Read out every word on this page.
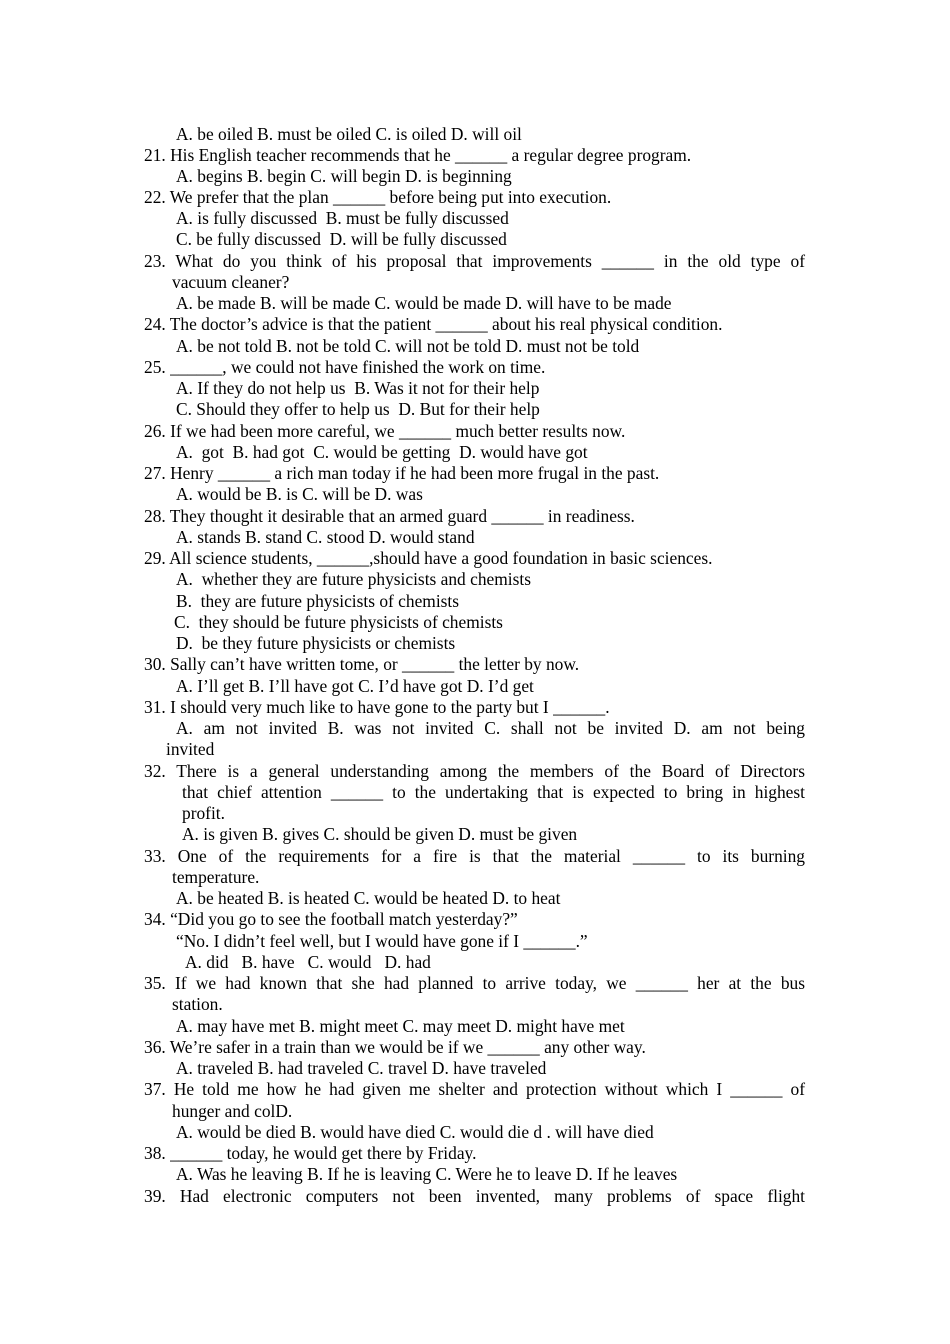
A. be oiled B. must be oiled C. is oiled D. will oil
21. His English teacher recommends that he ______ a regular degree program.
A. begins B. begin C. will begin D. is beginning
22. We prefer that the plan ______ before being put into execution.
A. is fully discussed  B. must be fully discussed
C. be fully discussed  D. will be fully discussed
23. What do you think of his proposal that improvements ______ in the old type of
vacuum cleaner?
A. be made B. will be made C. would be made D. will have to be made
24. The doctor’s advice is that the patient ______ about his real physical condition.
A. be not told B. not be told C. will not be told D. must not be told
25. ______, we could not have finished the work on time.
A. If they do not help us  B. Was it not for their help
C. Should they offer to help us  D. But for their help
26. If we had been more careful, we ______ much better results now.
A.  got  B. had got  C. would be getting  D. would have got
27. Henry ______ a rich man today if he had been more frugal in the past.
A. would be B. is C. will be D. was
28. They thought it desirable that an armed guard ______ in readiness.
A. stands B. stand C. stood D. would stand
29. All science students, ______,should have a good foundation in basic sciences.
A.  whether they are future physicists and chemists
B.  they are future physicists of chemists
C.  they should be future physicists of chemists
D.  be they future physicists or chemists
30. Sally can’t have written tome, or ______ the letter by now.
A. I’ll get B. I’ll have got C. I’d have got D. I’d get
31. I should very much like to have gone to the party but I ______.
A. am not invited B. was not invited C. shall not be invited D. am not being
invited
32. There is a general understanding among the members of the Board of Directors
that chief attention ______ to the undertaking that is expected to bring in highest
profit.
A. is given B. gives C. should be given D. must be given
33. One of the requirements for a fire is that the material ______ to its burning
temperature.
A. be heated B. is heated C. would be heated D. to heat
34. “Did you go to see the football match yesterday?”
“No. I didn’t feel well, but I would have gone if I ______.”
A. did   B. have   C. would   D. had
35. If we had known that she had planned to arrive today, we ______ her at the bus
station.
A. may have met B. might meet C. may meet D. might have met
36. We’re safer in a train than we would be if we ______ any other way.
A. traveled B. had traveled C. travel D. have traveled
37. He told me how he had given me shelter and protection without which I ______ of
hunger and colD.
A. would be died B. would have died C. would die d . will have died
38. ______ today, he would get there by Friday.
A. Was he leaving B. If he is leaving C. Were he to leave D. If he leaves
39. Had electronic computers not been invented, many problems of space flight
